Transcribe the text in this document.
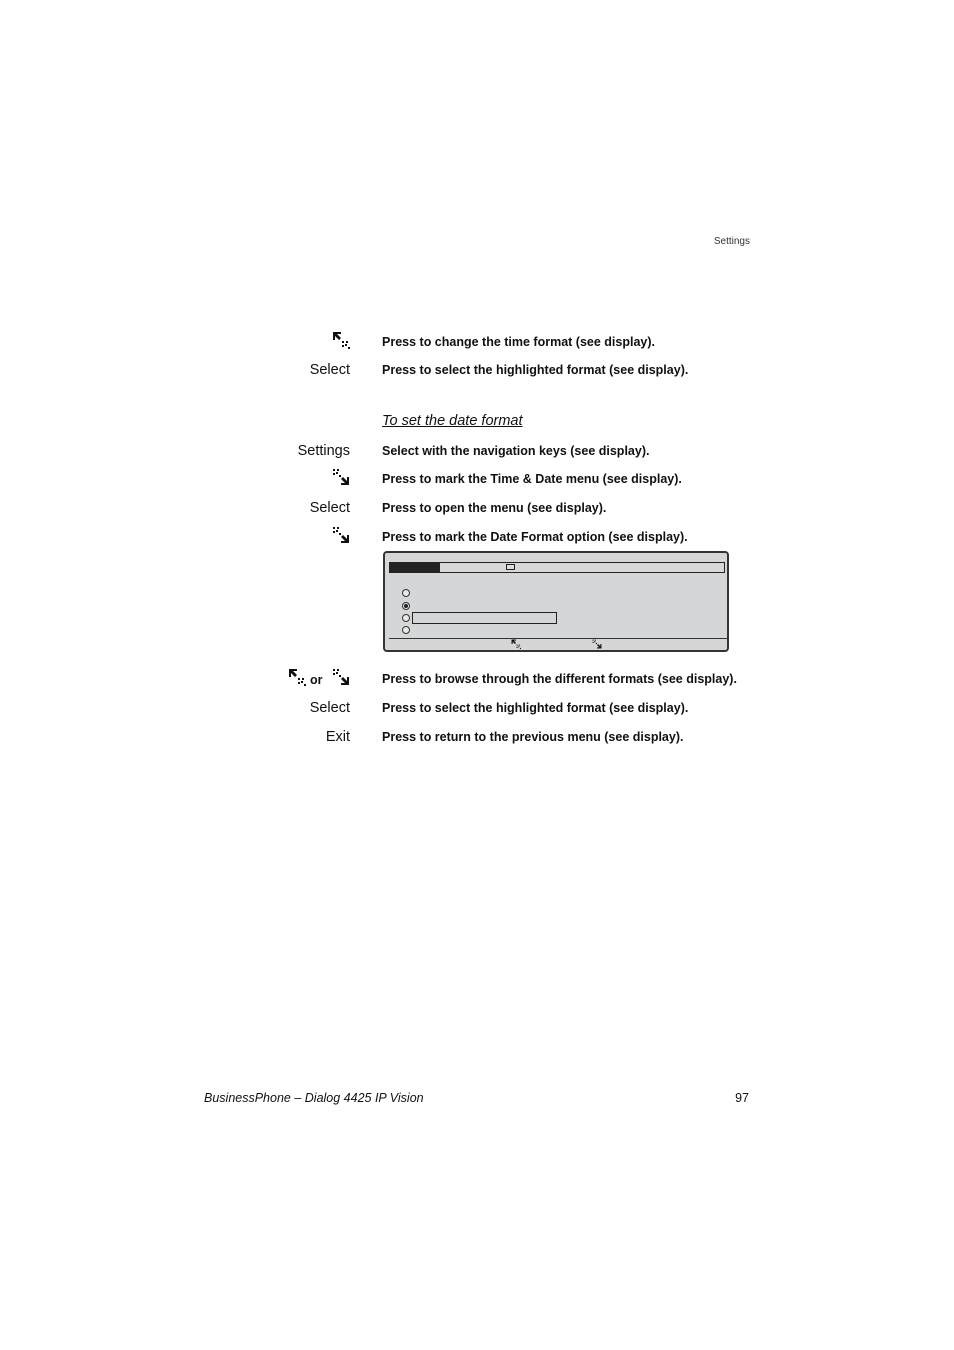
Settings
Press to change the time format (see display).
Select	Press to select the highlighted format (see display).
To set the date format
Settings	Select with the navigation keys (see display).
Press to mark the Time & Date menu (see display).
Select	Press to open the menu (see display).
Press to mark the Date Format option (see display).
or	Press to browse through the different formats (see display).
Select	Press to select the highlighted format (see display).
Exit	Press to return to the previous menu (see display).
BusinessPhone – Dialog 4425 IP Vision	97
